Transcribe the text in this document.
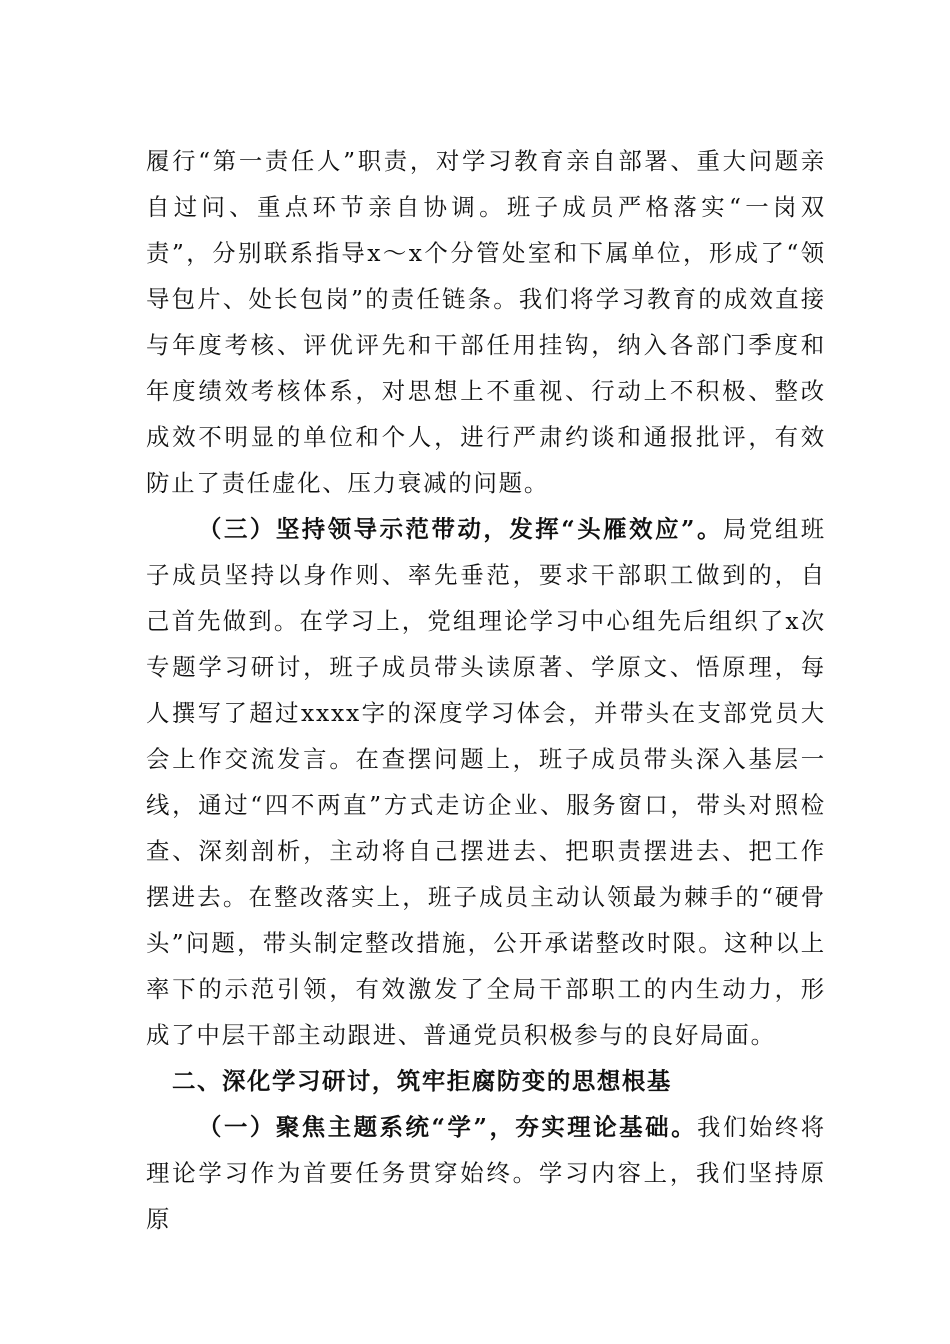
履行“第一责任人”职责，对学习教育亲自部署、重大问题亲自过问、重点环节亲自协调。班子成员严格落实“一岗双责”，分别联系指导x～x个分管处室和下属单位，形成了“领导包片、处长包岗”的责任链条。我们将学习教育的成效直接与年度考核、评优评先和干部任用挂钩，纳入各部门季度和年度绩效考核体系，对思想上不重视、行动上不积极、整改成效不明显的单位和个人，进行严肃约谈和通报批评，有效防止了责任虚化、压力衰减的问题。

（三）坚持领导示范带动，发挥“头雁效应”。局党组班子成员坚持以身作则、率先垂范，要求干部职工做到的，自己首先做到。在学习上，党组理论学习中心组先后组织了x次专题学习研讨，班子成员带头读原著、学原文、悟原理，每人撰写了超过xxxx字的深度学习体会，并带头在支部党员大会上作交流发言。在查摆问题上，班子成员带头深入基层一线，通过“四不两直”方式走访企业、服务窗口，带头对照检查、深刻剖析，主动将自己摆进去、把职责摆进去、把工作摆进去。在整改落实上，班子成员主动认领最为棘手的“硬骨头”问题，带头制定整改措施，公开承诺整改时限。这种以上率下的示范引领，有效激发了全局干部职工的内生动力，形成了中层干部主动跟进、普通党员积极参与的良好局面。

二、深化学习研讨，筑牢拒腐防变的思想根基

（一）聚焦主题系统“学”，夯实理论基础。我们始终将理论学习作为首要任务贯穿始终。学习内容上，我们坚持原原
